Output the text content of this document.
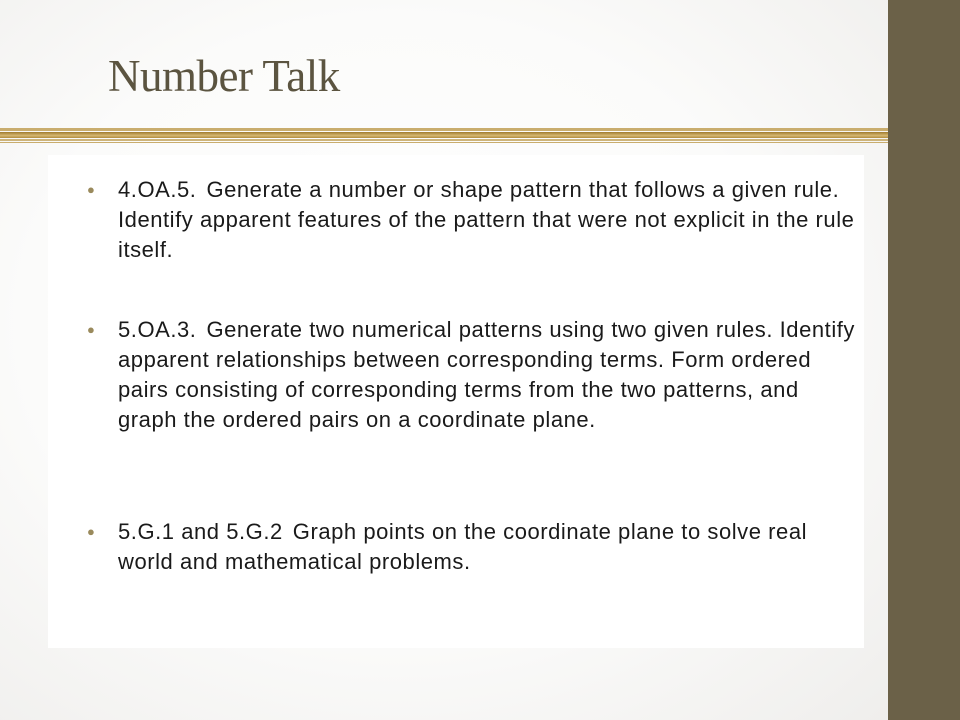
Number Talk
● 4.OA.5. Generate a number or shape pattern that follows a given rule. Identify apparent features of the pattern that were not explicit in the rule itself.
● 5.OA.3. Generate two numerical patterns using two given rules. Identify apparent relationships between corresponding terms. Form ordered pairs consisting of corresponding terms from the two patterns, and graph the ordered pairs on a coordinate plane.
● 5.G.1 and 5.G.2 Graph points on the coordinate plane to solve real world and mathematical problems.
